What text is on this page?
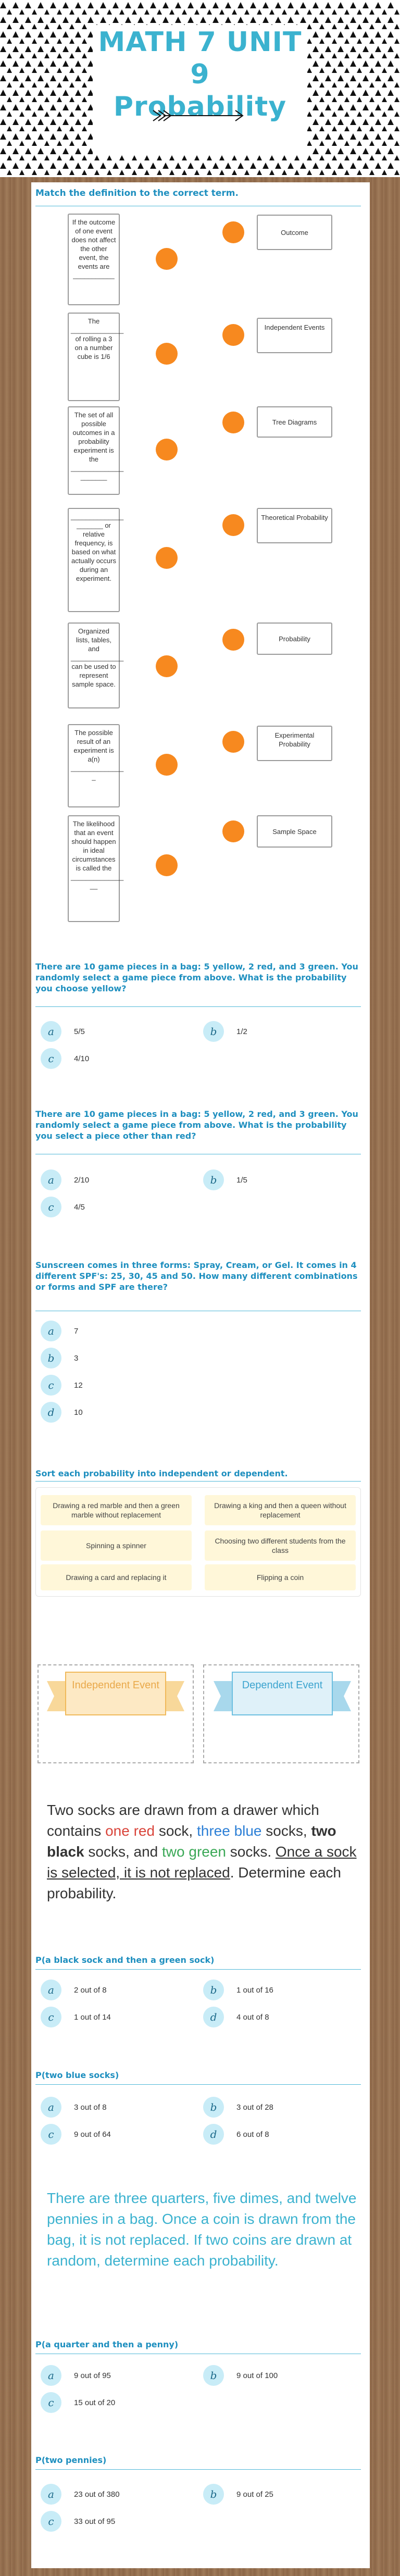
MATH 7 UNIT 9
Probability
Match the definition to the correct term.
If the outcome of one event does not affect the other event, the events are ___________
The ______________ of rolling a 3 on a number cube is 1/6
The set of all possible outcomes in a probability experiment is the ______________ _______
______________ _______ or relative frequency, is based on what actually occurs during an experiment.
Organized lists, tables, and ______________ can be used to represent sample space.
The possible result of an experiment is a(n) ______________ _
The likelihood that an event should happen in ideal circumstances is called the ______________ __
Outcome
Independent Events
Tree Diagrams
Theoretical Probability
Probability
Experimental Probability
Sample Space
There are 10 game pieces in a bag: 5 yellow, 2 red, and 3 green. You randomly select a game piece from above. What is the probability you choose yellow?
a	5/5	b	1/2
c	4/10
There are 10 game pieces in a bag: 5 yellow, 2 red, and 3 green. You randomly select a game piece from above. What is the probability you select a piece other than red?
a	2/10	b	1/5
c	4/5
Sunscreen comes in three forms: Spray, Cream, or Gel. It comes in 4 different SPF's: 25, 30, 45 and 50. How many different combinations or forms and SPF are there?
a	7
b	3
c	12
d	10
Sort each probability into independent or dependent.
Drawing a red marble and then a green marble without replacement
Drawing a king and then a queen without replacement
Spinning a spinner
Choosing two different students from the class
Drawing a card and replacing it	Flipping a coin
Independent Event	Dependent Event
Two socks are drawn from a drawer which contains one red sock, three blue socks, two black socks, and two green socks. Once a sock is selected, it is not replaced. Determine each probability.
P(a black sock and then a green sock)
a	2 out of 8	b	1 out of 16
c	1 out of 14	d	4 out of 8
P(two blue socks)
a	3 out of 8	b	3 out of 28
c	9 out of 64	d	6 out of 8
There are three quarters, five dimes, and twelve pennies in a bag. Once a coin is drawn from the bag, it is not replaced. If two coins are drawn at random, determine each probability.
P(a quarter and then a penny)
a	9 out of 95	b	9 out of 100
c	15 out of 20
P(two pennies)
a	23 out of 380	b	9 out of 25
c	33 out of 95
